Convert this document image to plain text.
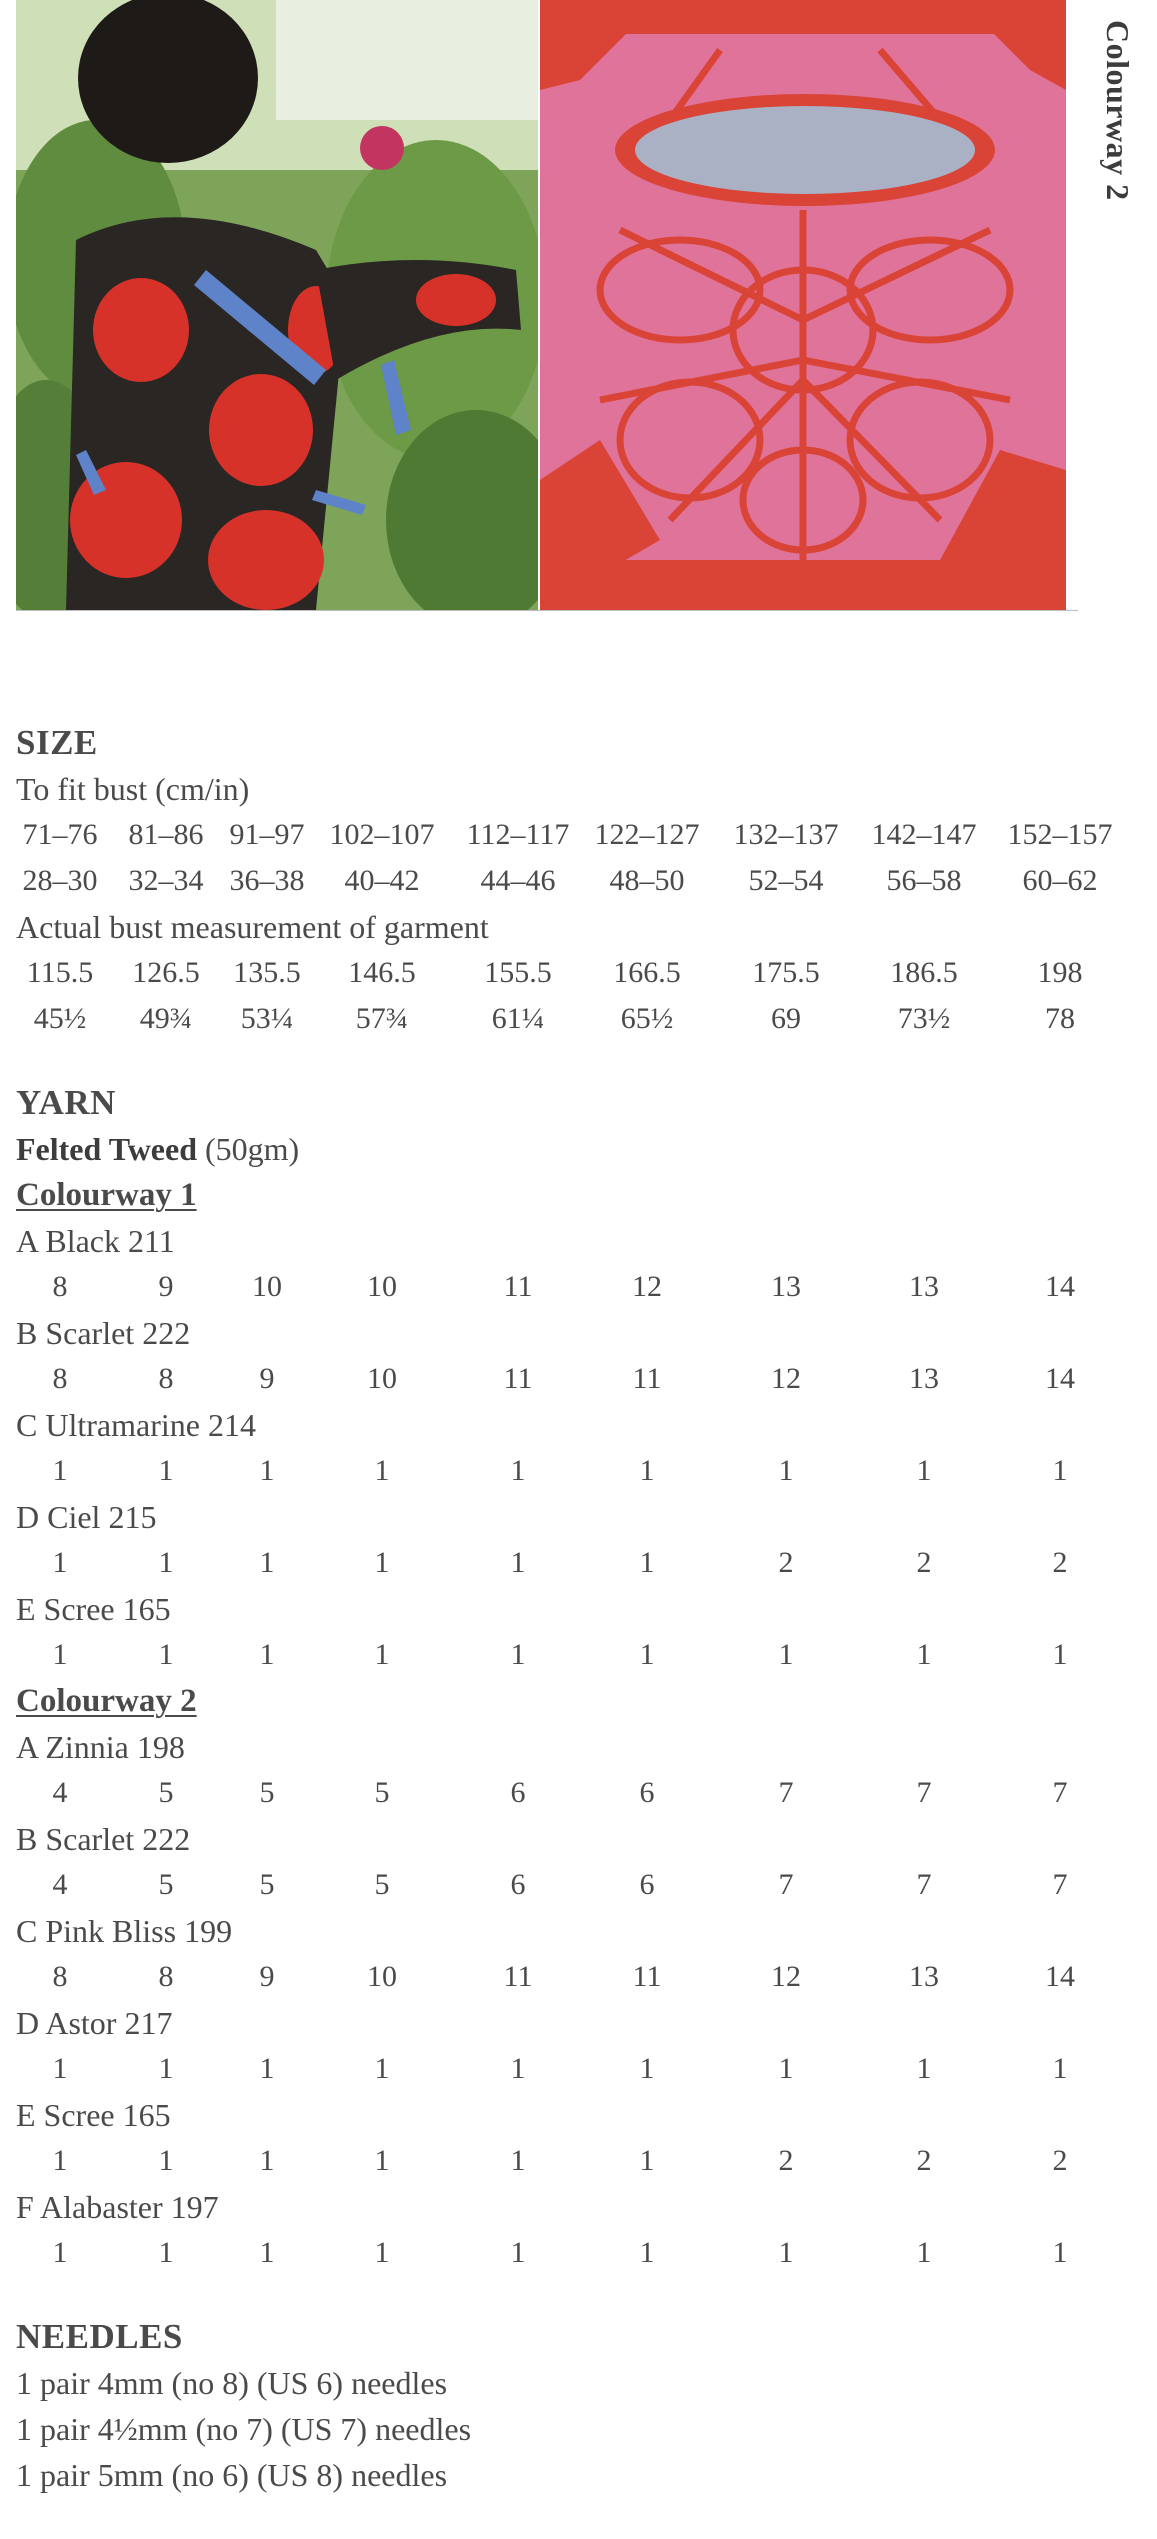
Colourway 2
SIZE
To fit bust (cm/in)
71–76 81–86 91–97 102–107 112–117 122–127 132–137 142–147 152–157
28–30 32–34 36–38 40–42 44–46 48–50 52–54 56–58 60–62
Actual bust measurement of garment
115.5 126.5 135.5 146.5 155.5 166.5 175.5 186.5	198
45½ 49¾ 53¼ 57¾	61¼	65½	69	73½	78
YARN
Felted Tweed (50gm)
Colourway 1
A Black 211
8	9	10	10	11	12	13	13	14
B Scarlet 222
8	8	9	10	11	11	12	13	14
C Ultramarine 214
1	1	1	1	1	1	1	1	1
D Ciel 215
1	1	1	1	1	1	2	2	2
E Scree 165
1	1	1	1	1	1	1	1	1
Colourway 2
A Zinnia 198
4	5	5	5	6	6	7	7	7
B Scarlet 222
4	5	5	5	6	6	7	7	7
C Pink Bliss 199
8	8	9	10	11	11	12	13	14
D Astor 217
1	1	1	1	1	1	1	1	1
E Scree 165
1	1	1	1	1	1	2	2	2
F Alabaster 197
1	1	1	1	1	1	1	1	1
NEEDLES
1 pair 4mm (no 8) (US 6) needles
1 pair 4½mm (no 7) (US 7) needles
1 pair 5mm (no 6) (US 8) needles
